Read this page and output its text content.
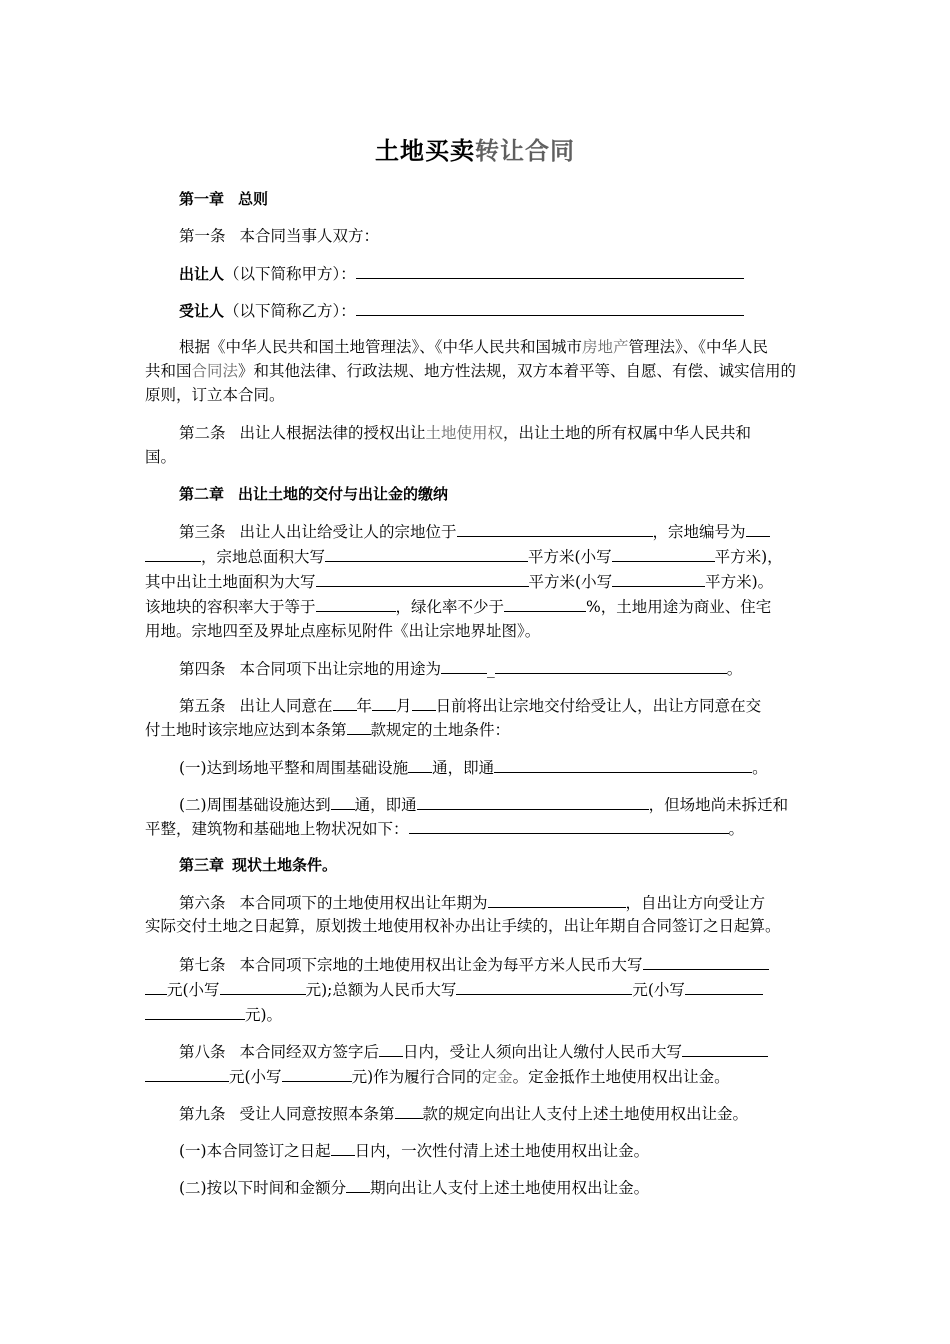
土地买卖转让合同
第一章 总则
第一条 本合同当事人双方：
出让人（以下简称甲方）：
受让人（以下简称乙方）：
根据《中华人民共和国土地管理法》、《中华人民共和国城市房地产管理法》、《中华人民
共和国合同法》和其他法律、行政法规、地方性法规，双方本着平等、自愿、有偿、诚实信用的
原则，订立本合同。
第二条 出让人根据法律的授权出让土地使用权，出让土地的所有权属中华人民共和
国。
第二章 出让土地的交付与出让金的缴纳
第三条 出让人出让给受让人的宗地位于	，宗地编号为
，宗地总面积大写	平方米(小写	平方米)，
其中出让土地面积为大写	平方米(小写	平方米)。
该地块的容积率大于等于	，绿化率不少于	%，土地用途为商业、住宅
用地。宗地四至及界址点座标见附件《出让宗地界址图》。
第四条 本合同项下出让宗地的用途为	_	。
第五条 出让人同意在 年 月 日前将出让宗地交付给受让人，出让方同意在交
付土地时该宗地应达到本条第 款规定的土地条件：
(一)达到场地平整和周围基础设施 通，即通	。
(二)周围基础设施达到 通，即通	，但场地尚未拆迁和
平整，建筑物和基础地上物状况如下：	。
第三章 现状土地条件。
第六条 本合同项下的土地使用权出让年期为	，自出让方向受让方
实际交付土地之日起算，原划拨土地使用权补办出让手续的，出让年期自合同签订之日起算。
第七条 本合同项下宗地的土地使用权出让金为每平方米人民币大写
元(小写	元);总额为人民币大写	元(小写
元)。
第八条 本合同经双方签字后 日内，受让人须向出让人缴付人民币大写
元(小写	元)作为履行合同的定金。定金抵作土地使用权出让金。
第九条 受让人同意按照本条第 款的规定向出让人支付上述土地使用权出让金。
(一)本合同签订之日起 日内，一次性付清上述土地使用权出让金。
(二)按以下时间和金额分 期向出让人支付上述土地使用权出让金。
